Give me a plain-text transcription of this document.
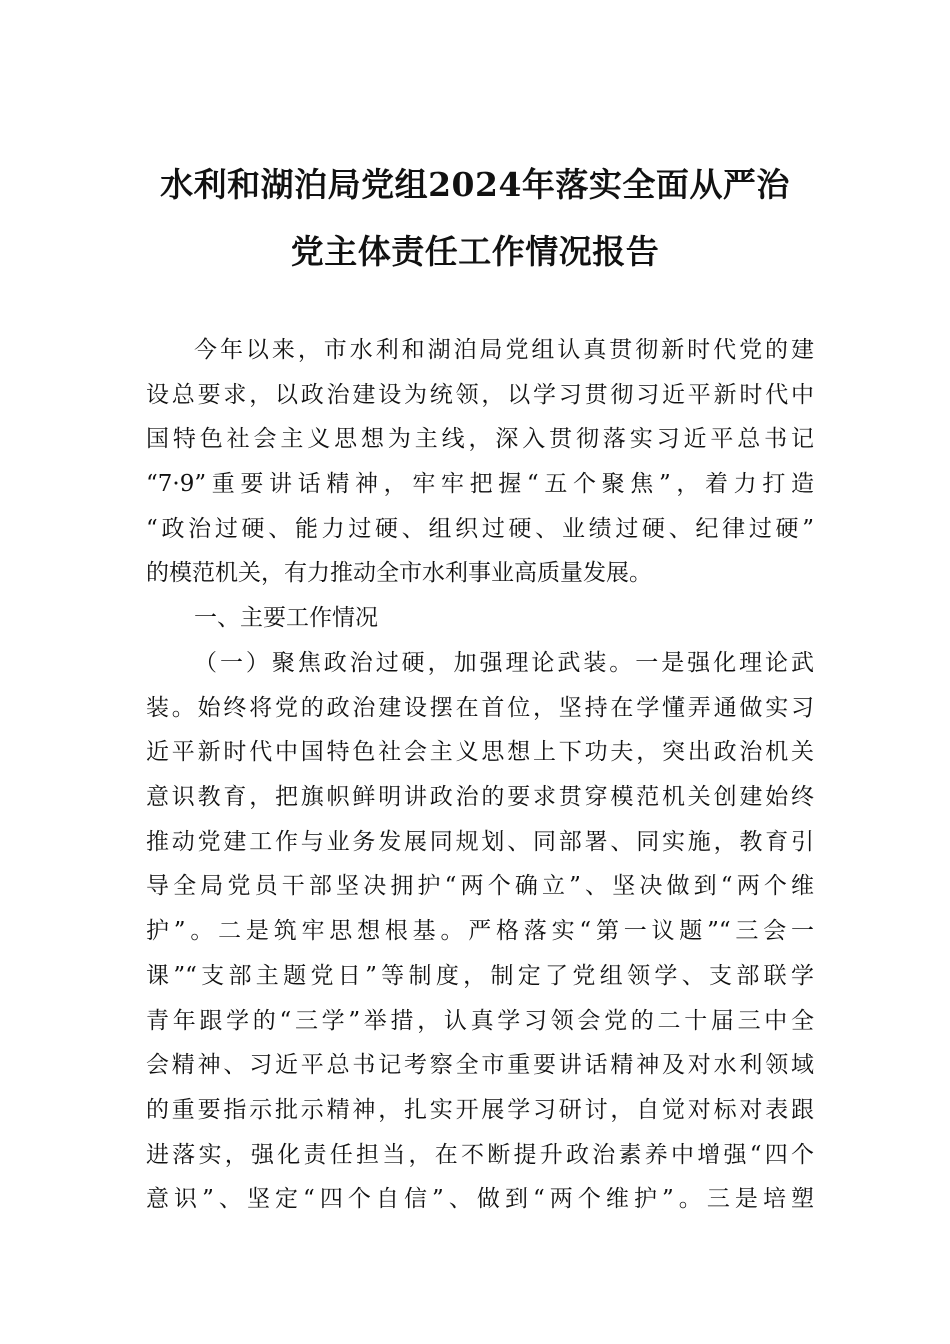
水利和湖泊局党组2024年落实全面从严治
党主体责任工作情况报告
今年以来，市水利和湖泊局党组认真贯彻新时代党的建
设总要求，以政治建设为统领，以学习贯彻习近平新时代中
国特色社会主义思想为主线，深入贯彻落实习近平总书记
“7·9”重要讲话精神，牢牢把握“五个聚焦”，着力打造
“政治过硬、能力过硬、组织过硬、业绩过硬、纪律过硬”
的模范机关，有力推动全市水利事业高质量发展。
一、主要工作情况
（一）聚焦政治过硬，加强理论武装。一是强化理论武
装。始终将党的政治建设摆在首位，坚持在学懂弄通做实习
近平新时代中国特色社会主义思想上下功夫，突出政治机关
意识教育，把旗帜鲜明讲政治的要求贯穿模范机关创建始终
推动党建工作与业务发展同规划、同部署、同实施，教育引
导全局党员干部坚决拥护“两个确立”、坚决做到“两个维
护”。二是筑牢思想根基。严格落实“第一议题”“三会一
课”“支部主题党日”等制度，制定了党组领学、支部联学
青年跟学的“三学”举措，认真学习领会党的二十届三中全
会精神、习近平总书记考察全市重要讲话精神及对水利领域
的重要指示批示精神，扎实开展学习研讨，自觉对标对表跟
进落实，强化责任担当，在不断提升政治素养中增强“四个
意识”、坚定“四个自信”、做到“两个维护”。三是培塑
